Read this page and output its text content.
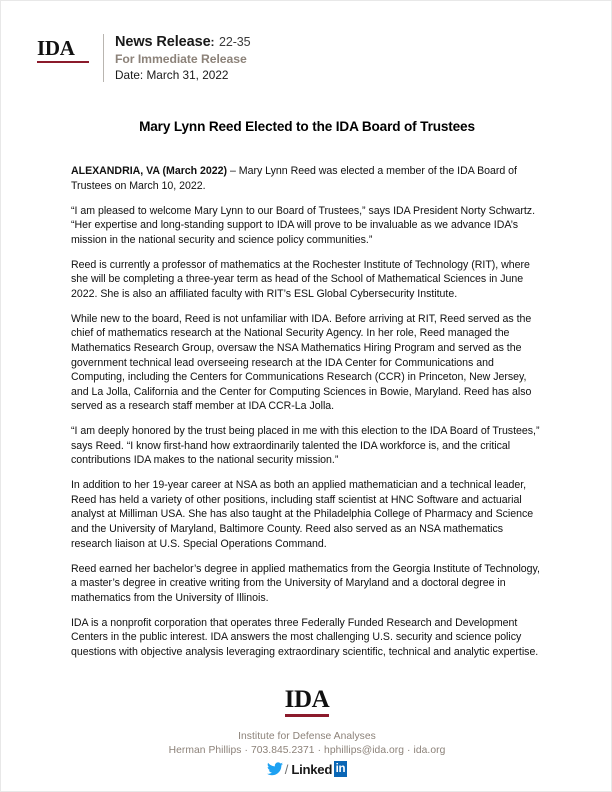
IDA	News Release: 22-35
For Immediate Release
Date: March 31, 2022
Mary Lynn Reed Elected to the IDA Board of Trustees

ALEXANDRIA, VA (March 2022) – Mary Lynn Reed was elected a member of the IDA Board of Trustees on March 10, 2022.

“I am pleased to welcome Mary Lynn to our Board of Trustees,” says IDA President Norty Schwartz. “Her expertise and long-standing support to IDA will prove to be invaluable as we advance IDA’s mission in the national security and science policy communities.”

Reed is currently a professor of mathematics at the Rochester Institute of Technology (RIT), where she will be completing a three-year term as head of the School of Mathematical Sciences in June 2022. She is also an affiliated faculty with RIT’s ESL Global Cybersecurity Institute.

While new to the board, Reed is not unfamiliar with IDA. Before arriving at RIT, Reed served as the chief of mathematics research at the National Security Agency. In her role, Reed managed the Mathematics Research Group, oversaw the NSA Mathematics Hiring Program and served as the government technical lead overseeing research at the IDA Center for Communications and Computing, including the Centers for Communications Research (CCR) in Princeton, New Jersey, and La Jolla, California and the Center for Computing Sciences in Bowie, Maryland. Reed has also served as a research staff member at IDA CCR-La Jolla.

“I am deeply honored by the trust being placed in me with this election to the IDA Board of Trustees,” says Reed. “I know first-hand how extraordinarily talented the IDA workforce is, and the critical contributions IDA makes to the national security mission.”

In addition to her 19-year career at NSA as both an applied mathematician and a technical leader, Reed has held a variety of other positions, including staff scientist at HNC Software and actuarial analyst at Milliman USA. She has also taught at the Philadelphia College of Pharmacy and Science and the University of Maryland, Baltimore County. Reed also served as an NSA mathematics research liaison at U.S. Special Operations Command.

Reed earned her bachelor’s degree in applied mathematics from the Georgia Institute of Technology, a master’s degree in creative writing from the University of Maryland and a doctoral degree in mathematics from the University of Illinois.

IDA is a nonprofit corporation that operates three Federally Funded Research and Development Centers in the public interest. IDA answers the most challenging U.S. security and science policy questions with objective analysis leveraging extraordinary scientific, technical and analytic expertise.

IDA
Institute for Defense Analyses
Herman Phillips · 703.845.2371 · hphillips@ida.org · ida.org
/ Linked in
